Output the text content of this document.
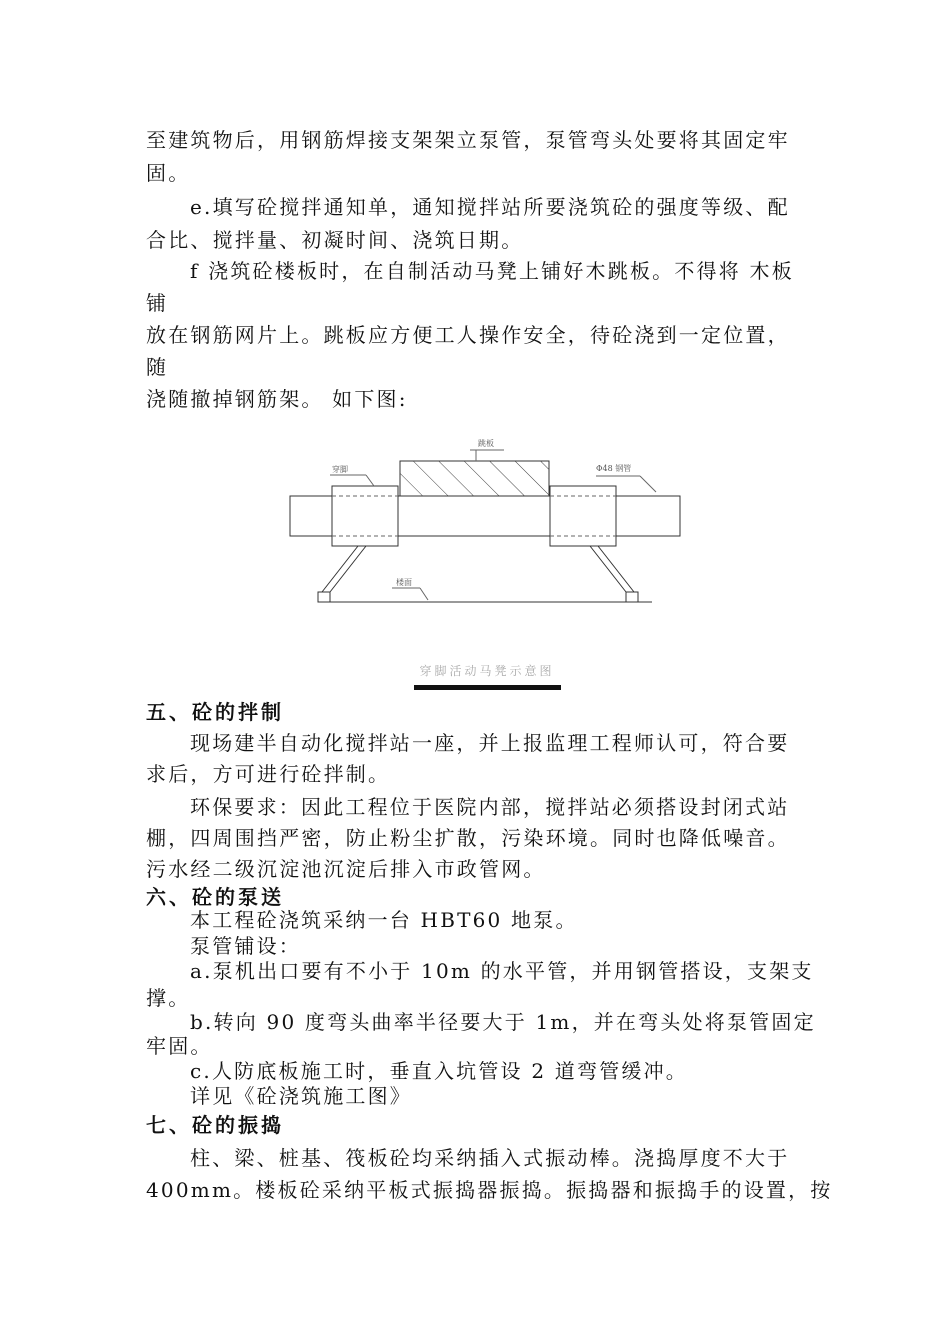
至建筑物后，用钢筋焊接支架架立泵管，泵管弯头处要将其固定牢
固。
e.填写砼搅拌通知单，通知搅拌站所要浇筑砼的强度等级、配
合比、搅拌量、初凝时间、浇筑日期。
f 浇筑砼楼板时，在自制活动马凳上铺好木跳板。不得将 木板
铺
放在钢筋网片上。跳板应方便工人操作安全，待砼浇到一定位置，
随
浇随撤掉钢筋架。 如下图:
跳板
穿脚	Φ48 钢管
楼面
穿脚活动马凳示意图
五、砼的拌制
现场建半自动化搅拌站一座，并上报监理工程师认可，符合要
求后，方可进行砼拌制。
环保要求：因此工程位于医院内部，搅拌站必须搭设封闭式站
棚，四周围挡严密，防止粉尘扩散，污染环境。同时也降低噪音。
污水经二级沉淀池沉淀后排入市政管网。
六、砼的泵送
本工程砼浇筑采纳一台 HBT60 地泵。
泵管铺设：
a.泵机出口要有不小于 10m 的水平管，并用钢管搭设，支架支
撑。
b.转向 90 度弯头曲率半径要大于 1m，并在弯头处将泵管固定
牢固。
c.人防底板施工时，垂直入坑管设 2 道弯管缓冲。
详见《砼浇筑施工图》
七、砼的振捣
柱、梁、桩基、筏板砼均采纳插入式振动棒。浇捣厚度不大于
400mm。楼板砼采纳平板式振捣器振捣。振捣器和振捣手的设置，按
